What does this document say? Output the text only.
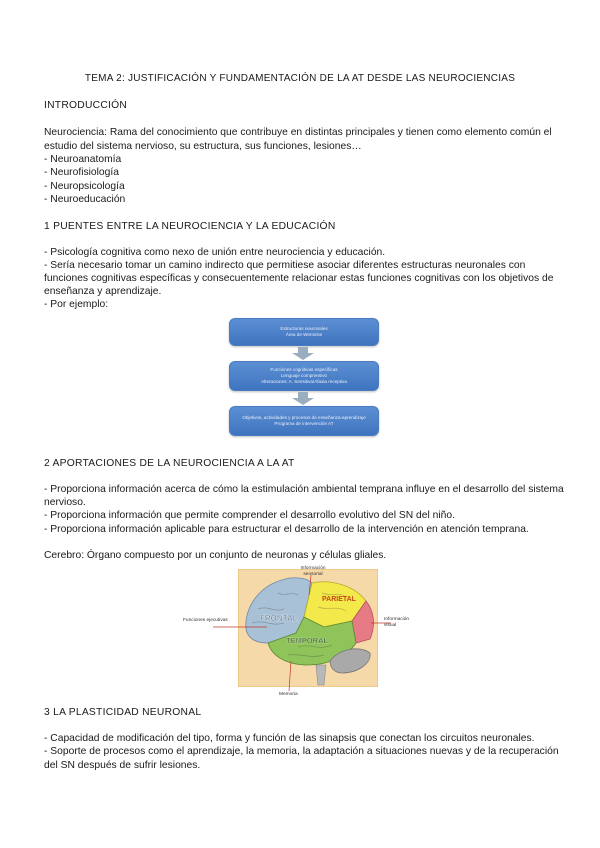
TEMA 2: JUSTIFICACIÓN Y FUNDAMENTACIÓN DE LA AT DESDE LAS NEUROCIENCIAS
INTRODUCCIÓN
Neurociencia: Rama del conocimiento que contribuye en distintas principales y tienen como elemento común el
estudio del sistema nervioso, su estructura, sus funciones, lesiones…
- Neuroanatomía
- Neurofisiología
- Neuropsicología
- Neuroeducación
1 PUENTES ENTRE LA NEUROCIENCIA Y LA EDUCACIÓN
- Psicología cognitiva como nexo de unión entre neurociencia y educación.
- Sería necesario tomar un camino indirecto que permitiese asociar diferentes estructuras neuronales con
funciones cognitivas específicas y consecuentemente relacionar estas funciones cognitivas con los objetivos de
enseñanza y aprendizaje.
- Por ejemplo:
Estructuras neuronales
Área de Wernicke
Funciones cognitivas específicas
Lenguaje comprensivo
Alteraciones: A. Sensitiva/Afasia receptiva
Objetivos, actividades y procesos de enseñanza-aprendizaje
Programa de intervención AT
2 APORTACIONES DE LA NEUROCIENCIA A LA AT
- Proporciona información acerca de cómo la estimulación ambiental temprana influye en el desarrollo del sistema
nervioso.
- Proporciona información que permite comprender el desarrollo evolutivo del SN del niño.
- Proporciona información aplicable para estructurar el desarrollo de la intervención en atención temprana.
Cerebro: Órgano compuesto por un conjunto de neuronas y células gliales.
FRONTAL
PARIETAL
TEMPORAL
Funciones ejecutivas
Información sensorial
Información visual
Memoria
3 LA PLASTICIDAD NEURONAL
- Capacidad de modificación del tipo, forma y función de las sinapsis que conectan los circuitos neuronales.
- Soporte de procesos como el aprendizaje, la memoria, la adaptación a situaciones nuevas y de la recuperación
del SN después de sufrir lesiones.
